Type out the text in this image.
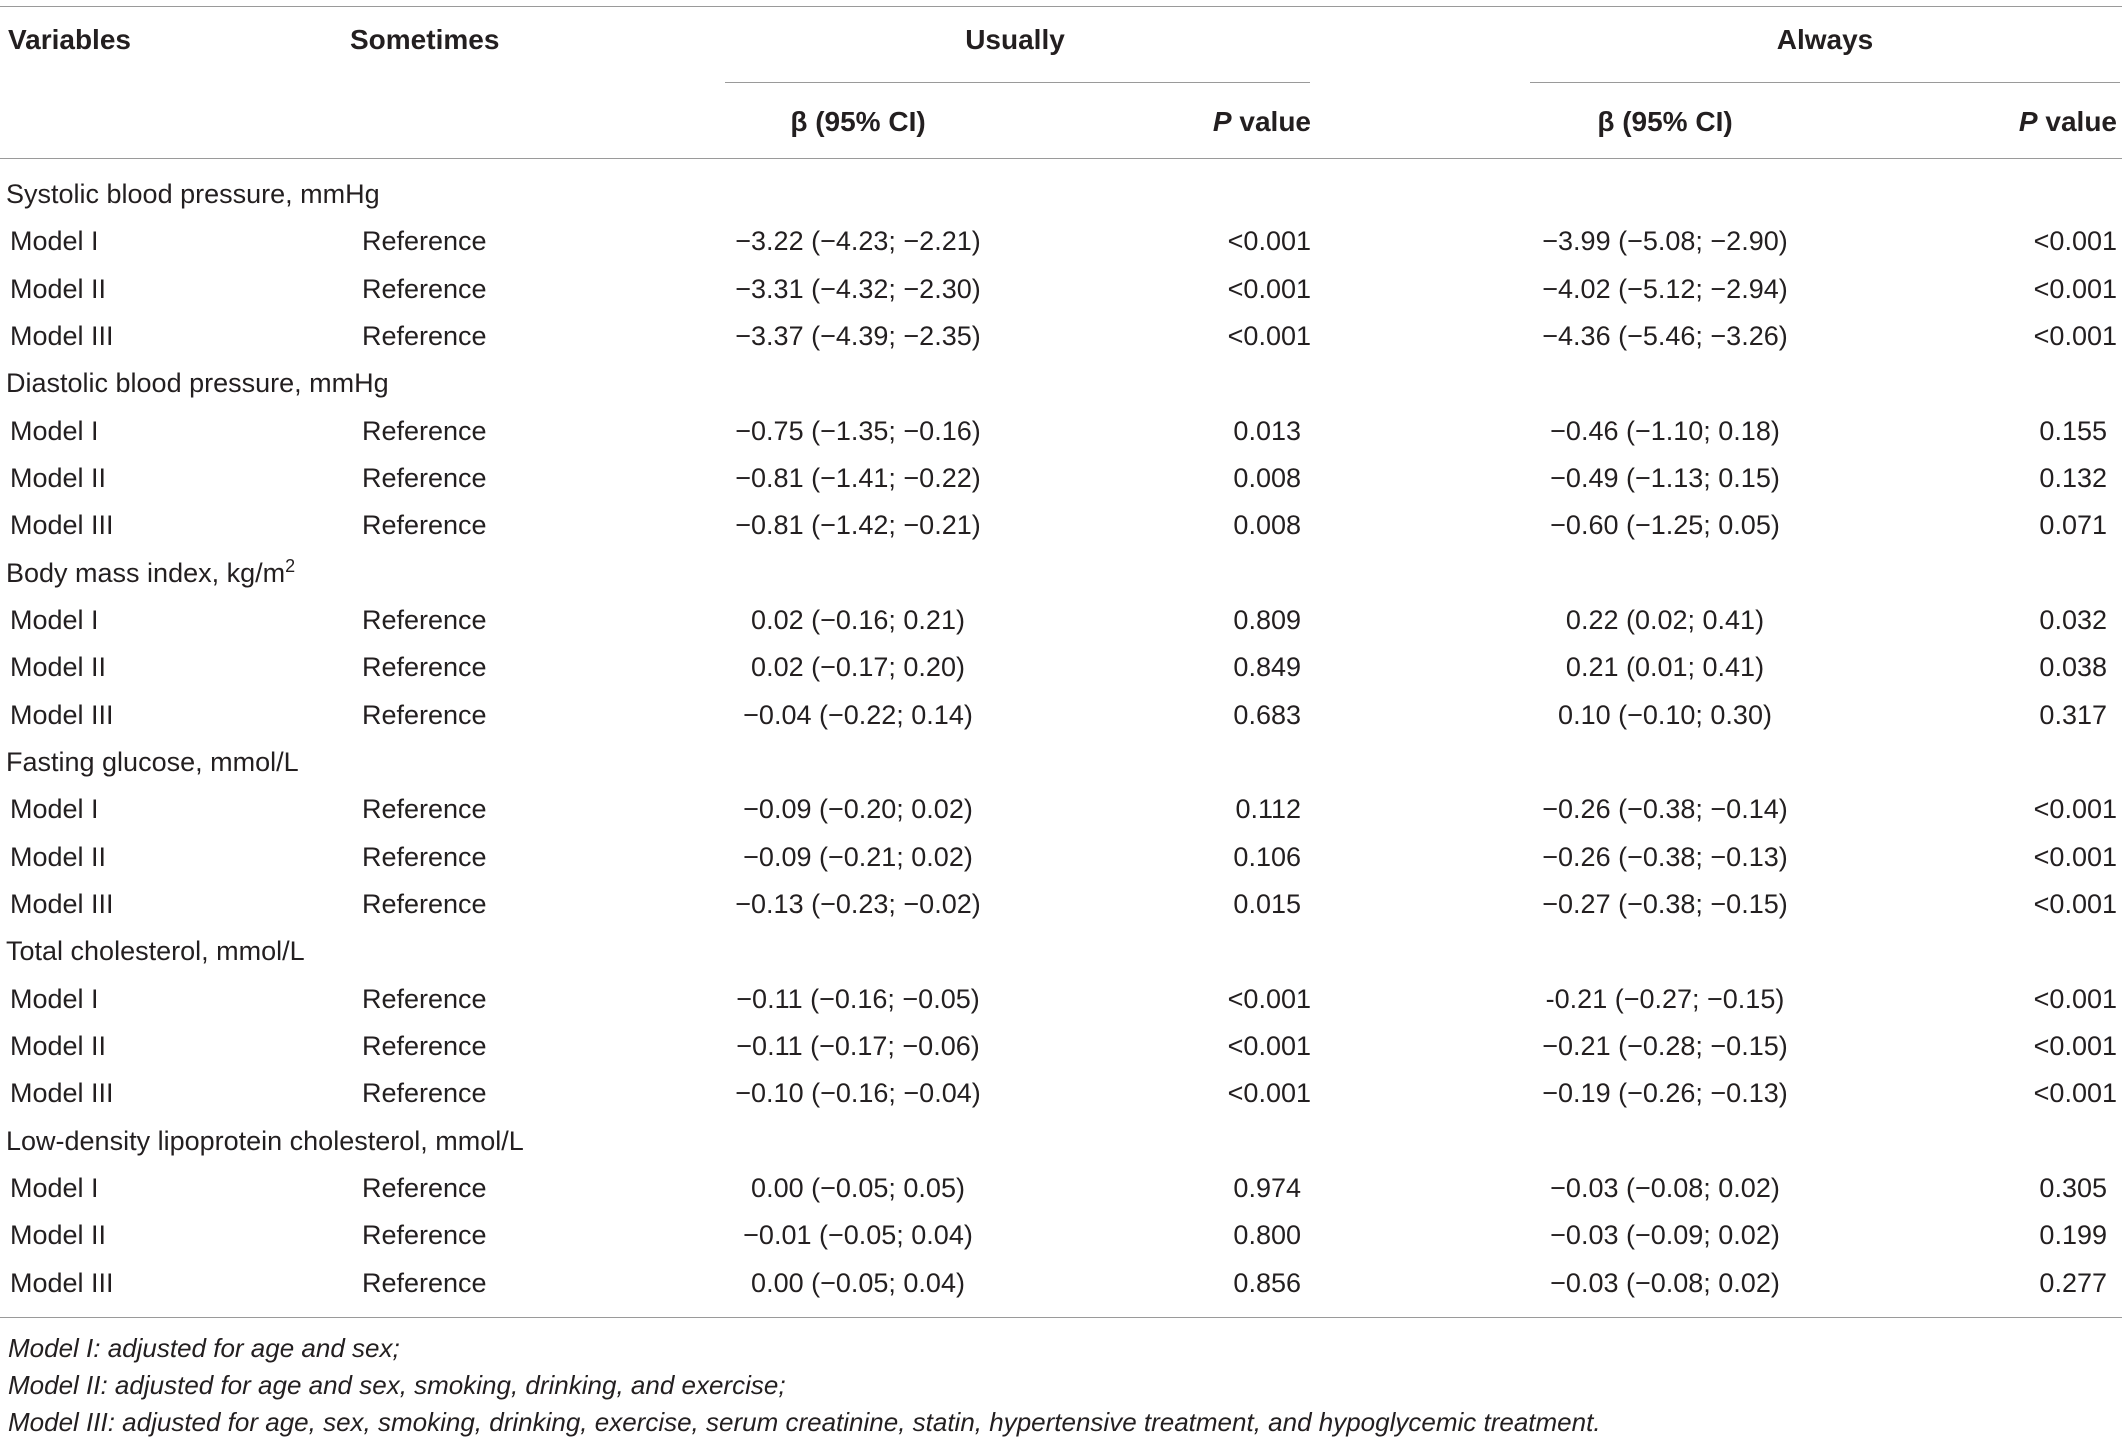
Variables	Sometimes	Usually	Always
β (95% CI)	P value	β (95% CI)	P value
Systolic blood pressure, mmHg
Model I	Reference	−3.22 (−4.23; −2.21)	<0.001	−3.99 (−5.08; −2.90)	<0.001
Model II	Reference	−3.31 (−4.32; −2.30)	<0.001	−4.02 (−5.12; −2.94)	<0.001
Model III	Reference	−3.37 (−4.39; −2.35)	<0.001	−4.36 (−5.46; −3.26)	<0.001
Diastolic blood pressure, mmHg
Model I	Reference	−0.75 (−1.35; −0.16)	0.013	−0.46 (−1.10; 0.18)	0.155
Model II	Reference	−0.81 (−1.41; −0.22)	0.008	−0.49 (−1.13; 0.15)	0.132
Model III	Reference	−0.81 (−1.42; −0.21)	0.008	−0.60 (−1.25; 0.05)	0.071
Body mass index, $kg/m^2$
Model I	Reference	0.02 (−0.16; 0.21)	0.809	0.22 (0.02; 0.41)	0.032
Model II	Reference	0.02 (−0.17; 0.20)	0.849	0.21 (0.01; 0.41)	0.038
Model III	Reference	−0.04 (−0.22; 0.14)	0.683	0.10 (−0.10; 0.30)	0.317
Fasting glucose, mmol/L
Model I	Reference	−0.09 (−0.20; 0.02)	0.112	−0.26 (−0.38; −0.14)	<0.001
Model II	Reference	−0.09 (−0.21; 0.02)	0.106	−0.26 (−0.38; −0.13)	<0.001
Model III	Reference	−0.13 (−0.23; −0.02)	0.015	−0.27 (−0.38; −0.15)	<0.001
Total cholesterol, mmol/L
Model I	Reference	−0.11 (−0.16; −0.05)	<0.001	-0.21 (−0.27; −0.15)	<0.001
Model II	Reference	−0.11 (−0.17; −0.06)	<0.001	−0.21 (−0.28; −0.15)	<0.001
Model III	Reference	−0.10 (−0.16; −0.04)	<0.001	−0.19 (−0.26; −0.13)	<0.001
Low-density lipoprotein cholesterol, mmol/L
Model I	Reference	0.00 (−0.05; 0.05)	0.974	−0.03 (−0.08; 0.02)	0.305
Model II	Reference	−0.01 (−0.05; 0.04)	0.800	−0.03 (−0.09; 0.02)	0.199
Model III	Reference	0.00 (−0.05; 0.04)	0.856	−0.03 (−0.08; 0.02)	0.277
Model I: adjusted for age and sex;
Model II: adjusted for age and sex, smoking, drinking, and exercise;
Model III: adjusted for age, sex, smoking, drinking, exercise, serum creatinine, statin, hypertensive treatment, and hypoglycemic treatment.
